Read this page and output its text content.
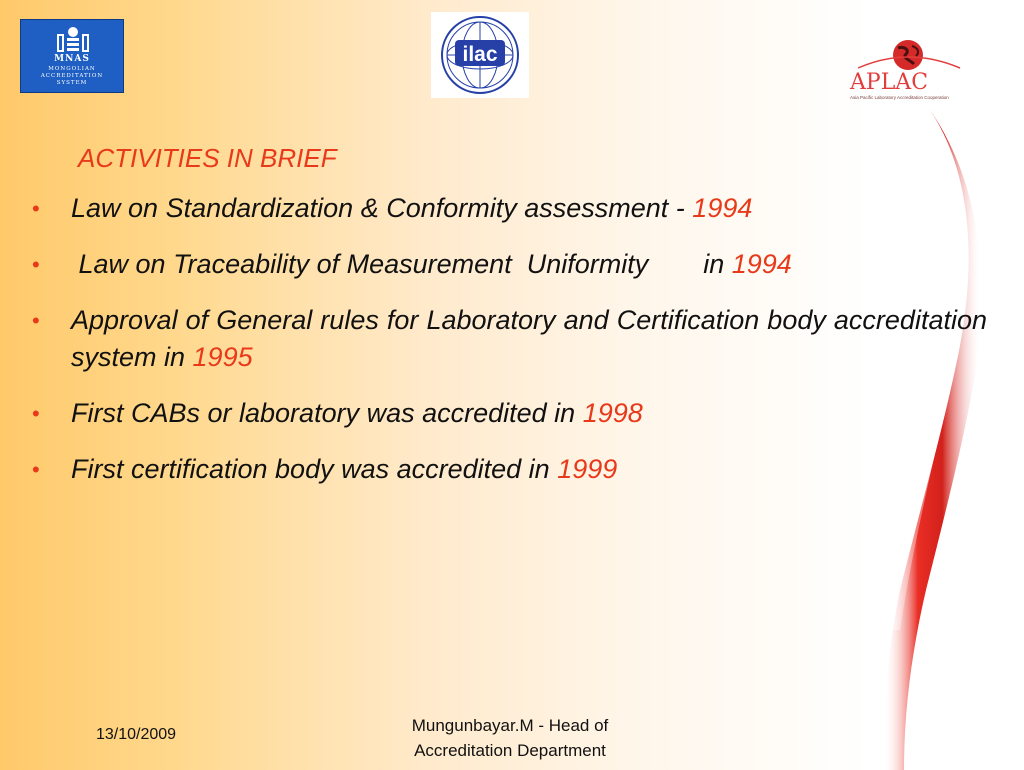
MNAS
MONGOLIAN
ACCREDITATION
SYSTEM
ilac
APLAC
Asia Pacific Laboratory Accreditation Cooperation
ACTIVITIES IN BRIEF
• Law on Standardization & Conformity assessment - 1994
• Law on Traceability of Measurement  Uniformity in 1994
• Approval of General rules for Laboratory and Certification body accreditation system in 1995
• First CABs or laboratory was accredited in 1998
• First certification body was accredited in 1999
13/10/2009	Mungunbayar.M - Head of
Accreditation Department
